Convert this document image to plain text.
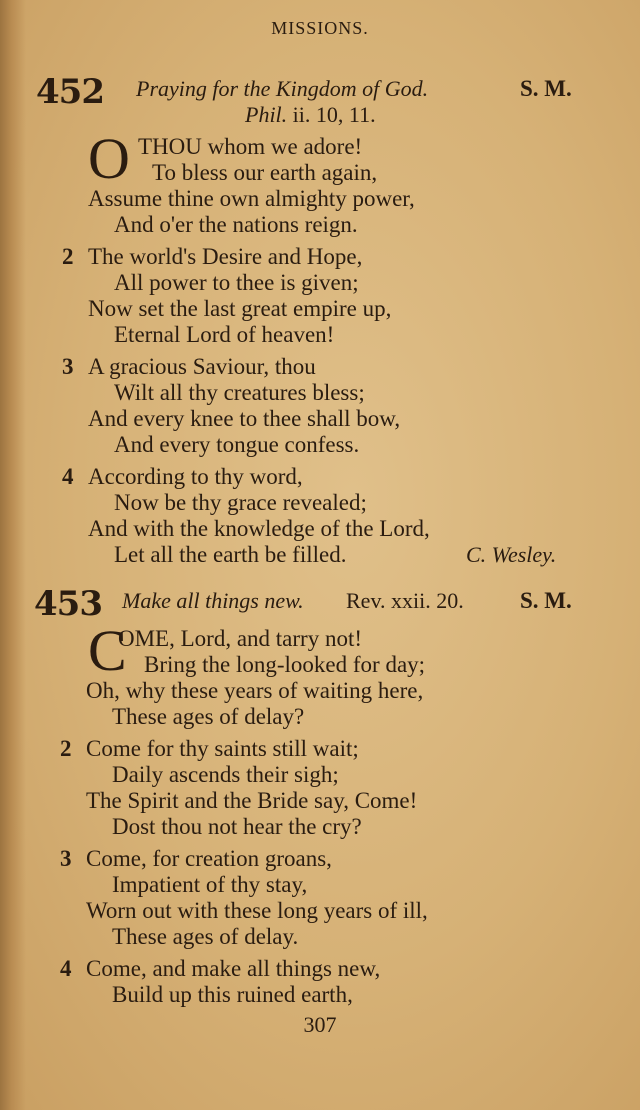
MISSIONS.
452 Praying for the Kingdom of God.	S. M.
Phil. ii. 10, 11.
O THOU whom we adore!
To bless our earth again,
Assume thine own almighty power,
And o'er the nations reign.
2 The world's Desire and Hope,
All power to thee is given;
Now set the last great empire up,
Eternal Lord of heaven!
3 A gracious Saviour, thou
Wilt all thy creatures bless;
And every knee to thee shall bow,
And every tongue confess.
4 According to thy word,
Now be thy grace revealed;
And with the knowledge of the Lord,
Let all the earth be filled.	C. Wesley.
453 Make all things new. Rev. xxii. 20. S. M.
C
OME, Lord, and tarry not!
Bring the long-looked for day;
Oh, why these years of waiting here,
These ages of delay?
2 Come for thy saints still wait;
Daily ascends their sigh;
The Spirit and the Bride say, Come!
Dost thou not hear the cry?
3 Come, for creation groans,
Impatient of thy stay,
Worn out with these long years of ill,
These ages of delay.
4 Come, and make all things new,
Build up this ruined earth,
307
